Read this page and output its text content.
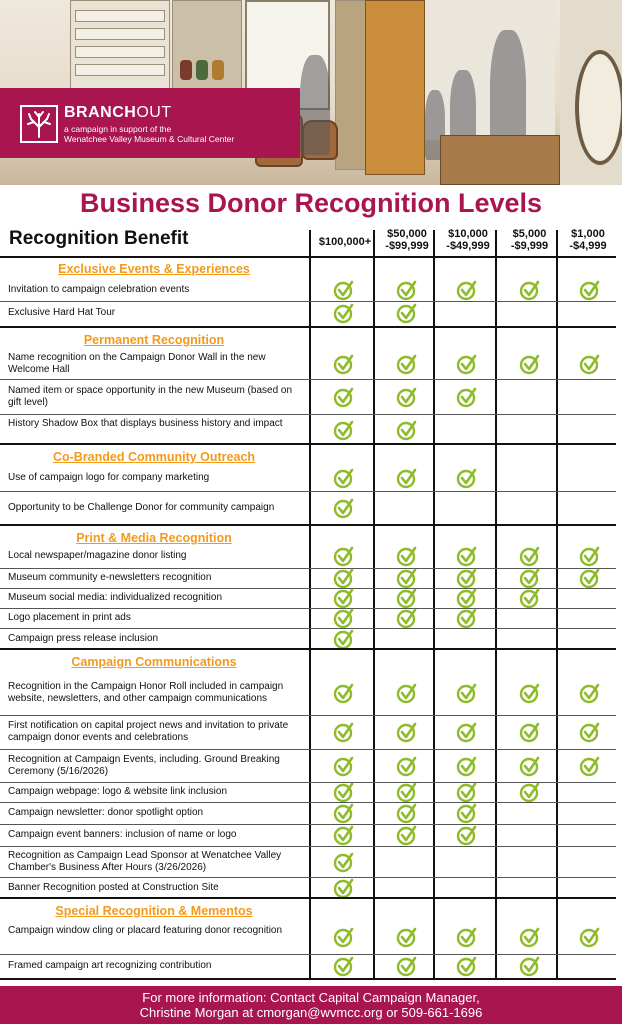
BRANCHOUT
a campaign in support of the
Wenatchee Valley Museum & Cultural Center
Business Donor Recognition Levels
Recognition Benefit	$100,000+
$50,000
-$99,999
$10,000
-$49,999
$5,000
-$9,999
$1,000
-$4,999
Exclusive Events & Experiences
Invitation to campaign celebration events
Exclusive Hard Hat Tour
Permanent Recognition
Name recognition on the Campaign Donor Wall in the new Welcome Hall
Named item or space opportunity in the new Museum (based on gift level)
History Shadow Box that displays business history and impact
Co-Branded Community Outreach
Use of campaign logo for company marketing
Opportunity to be Challenge Donor for community campaign
Print & Media Recognition
Local newspaper/magazine donor listing
Museum community e-newsletters recognition
Museum social media: individualized recognition
Logo placement in print ads
Campaign press release inclusion
Campaign Communications
Recognition in the Campaign Honor Roll included in campaign website, newsletters, and other campaign communications
First notification on capital project news and invitation to private campaign donor events and celebrations
Recognition at Campaign Events, including. Ground Breaking Ceremony (5/16/2026)
Campaign webpage: logo & website link inclusion
Campaign newsletter: donor spotlight option
Campaign event banners: inclusion of name or logo
Recognition as Campaign Lead Sponsor at Wenatchee Valley Chamber's Business After Hours (3/26/2026)
Banner Recognition posted at Construction Site
Special Recognition & Mementos
Campaign window cling or placard featuring donor recognition
Framed campaign art recognizing contribution
For more information: Contact Capital Campaign Manager,
Christine Morgan at cmorgan@wvmcc.org or 509-661-1696
